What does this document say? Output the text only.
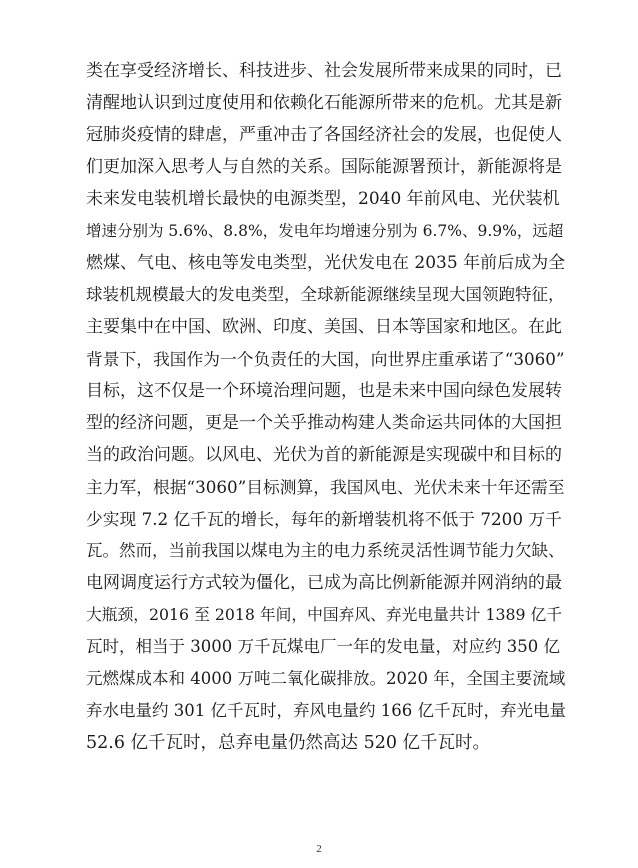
类在享受经济增长、科技进步、社会发展所带来成果的同时，已
清醒地认识到过度使用和依赖化石能源所带来的危机。尤其是新
冠肺炎疫情的肆虐，严重冲击了各国经济社会的发展，也促使人
们更加深入思考人与自然的关系。国际能源署预计，新能源将是
未来发电装机增长最快的电源类型，2040 年前风电、光伏装机
增速分别为 5.6%、8.8%，发电年均增速分别为 6.7%、9.9%，远超
燃煤、气电、核电等发电类型，光伏发电在 2035 年前后成为全
球装机规模最大的发电类型，全球新能源继续呈现大国领跑特征，
主要集中在中国、欧洲、印度、美国、日本等国家和地区。在此
背景下，我国作为一个负责任的大国，向世界庄重承诺了“3060”
目标，这不仅是一个环境治理问题，也是未来中国向绿色发展转
型的经济问题，更是一个关乎推动构建人类命运共同体的大国担
当的政治问题。以风电、光伏为首的新能源是实现碳中和目标的
主力军，根据“3060”目标测算，我国风电、光伏未来十年还需至
少实现 7.2 亿千瓦的增长，每年的新增装机将不低于 7200 万千
瓦。然而，当前我国以煤电为主的电力系统灵活性调节能力欠缺、
电网调度运行方式较为僵化，已成为高比例新能源并网消纳的最
大瓶颈，2016 至 2018 年间，中国弃风、弃光电量共计 1389 亿千
瓦时，相当于 3000 万千瓦煤电厂一年的发电量，对应约 350 亿
元燃煤成本和 4000 万吨二氧化碳排放。2020 年，全国主要流域
弃水电量约 301 亿千瓦时，弃风电量约 166 亿千瓦时，弃光电量
52.6 亿千瓦时，总弃电量仍然高达 520 亿千瓦时。
2
